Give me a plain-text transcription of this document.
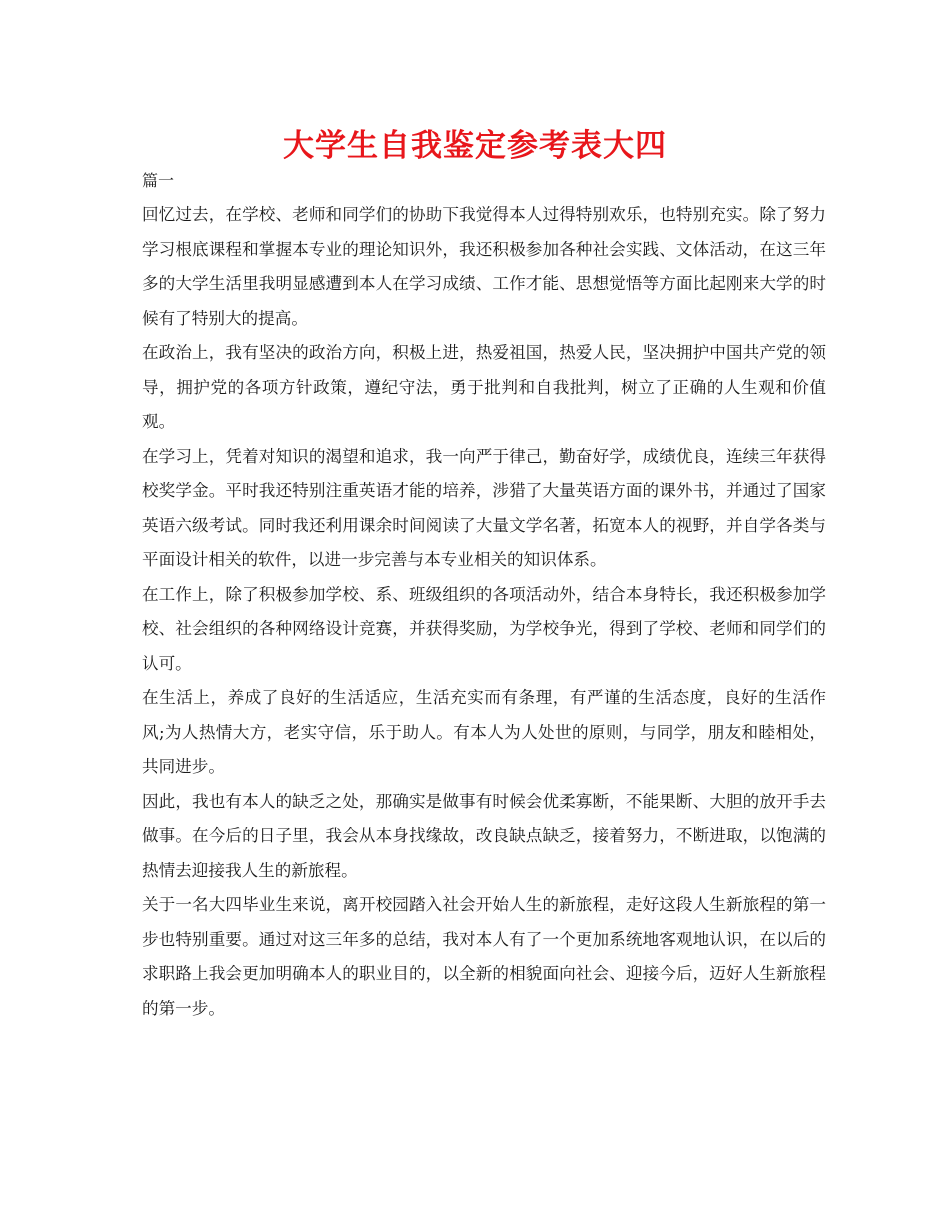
大学生自我鉴定参考表大四
篇一

回忆过去，在学校、老师和同学们的协助下我觉得本人过得特别欢乐，也特别充实。除了努力学习根底课程和掌握本专业的理论知识外，我还积极参加各种社会实践、文体活动，在这三年多的大学生活里我明显感遭到本人在学习成绩、工作才能、思想觉悟等方面比起刚来大学的时候有了特别大的提高。

在政治上，我有坚决的政治方向，积极上进，热爱祖国，热爱人民，坚决拥护中国共产党的领导，拥护党的各项方针政策，遵纪守法，勇于批判和自我批判，树立了正确的人生观和价值观。

在学习上，凭着对知识的渴望和追求，我一向严于律己，勤奋好学，成绩优良，连续三年获得校奖学金。平时我还特别注重英语才能的培养，涉猎了大量英语方面的课外书，并通过了国家英语六级考试。同时我还利用课余时间阅读了大量文学名著，拓宽本人的视野，并自学各类与平面设计相关的软件，以进一步完善与本专业相关的知识体系。

在工作上，除了积极参加学校、系、班级组织的各项活动外，结合本身特长，我还积极参加学校、社会组织的各种网络设计竞赛，并获得奖励，为学校争光，得到了学校、老师和同学们的认可。

在生活上，养成了良好的生活适应，生活充实而有条理，有严谨的生活态度，良好的生活作风;为人热情大方，老实守信，乐于助人。有本人为人处世的原则，与同学，朋友和睦相处，共同进步。

因此，我也有本人的缺乏之处，那确实是做事有时候会优柔寡断，不能果断、大胆的放开手去做事。在今后的日子里，我会从本身找缘故，改良缺点缺乏，接着努力，不断进取，以饱满的热情去迎接我人生的新旅程。

关于一名大四毕业生来说，离开校园踏入社会开始人生的新旅程，走好这段人生新旅程的第一步也特别重要。通过对这三年多的总结，我对本人有了一个更加系统地客观地认识，在以后的求职路上我会更加明确本人的职业目的，以全新的相貌面向社会、迎接今后，迈好人生新旅程的第一步。
